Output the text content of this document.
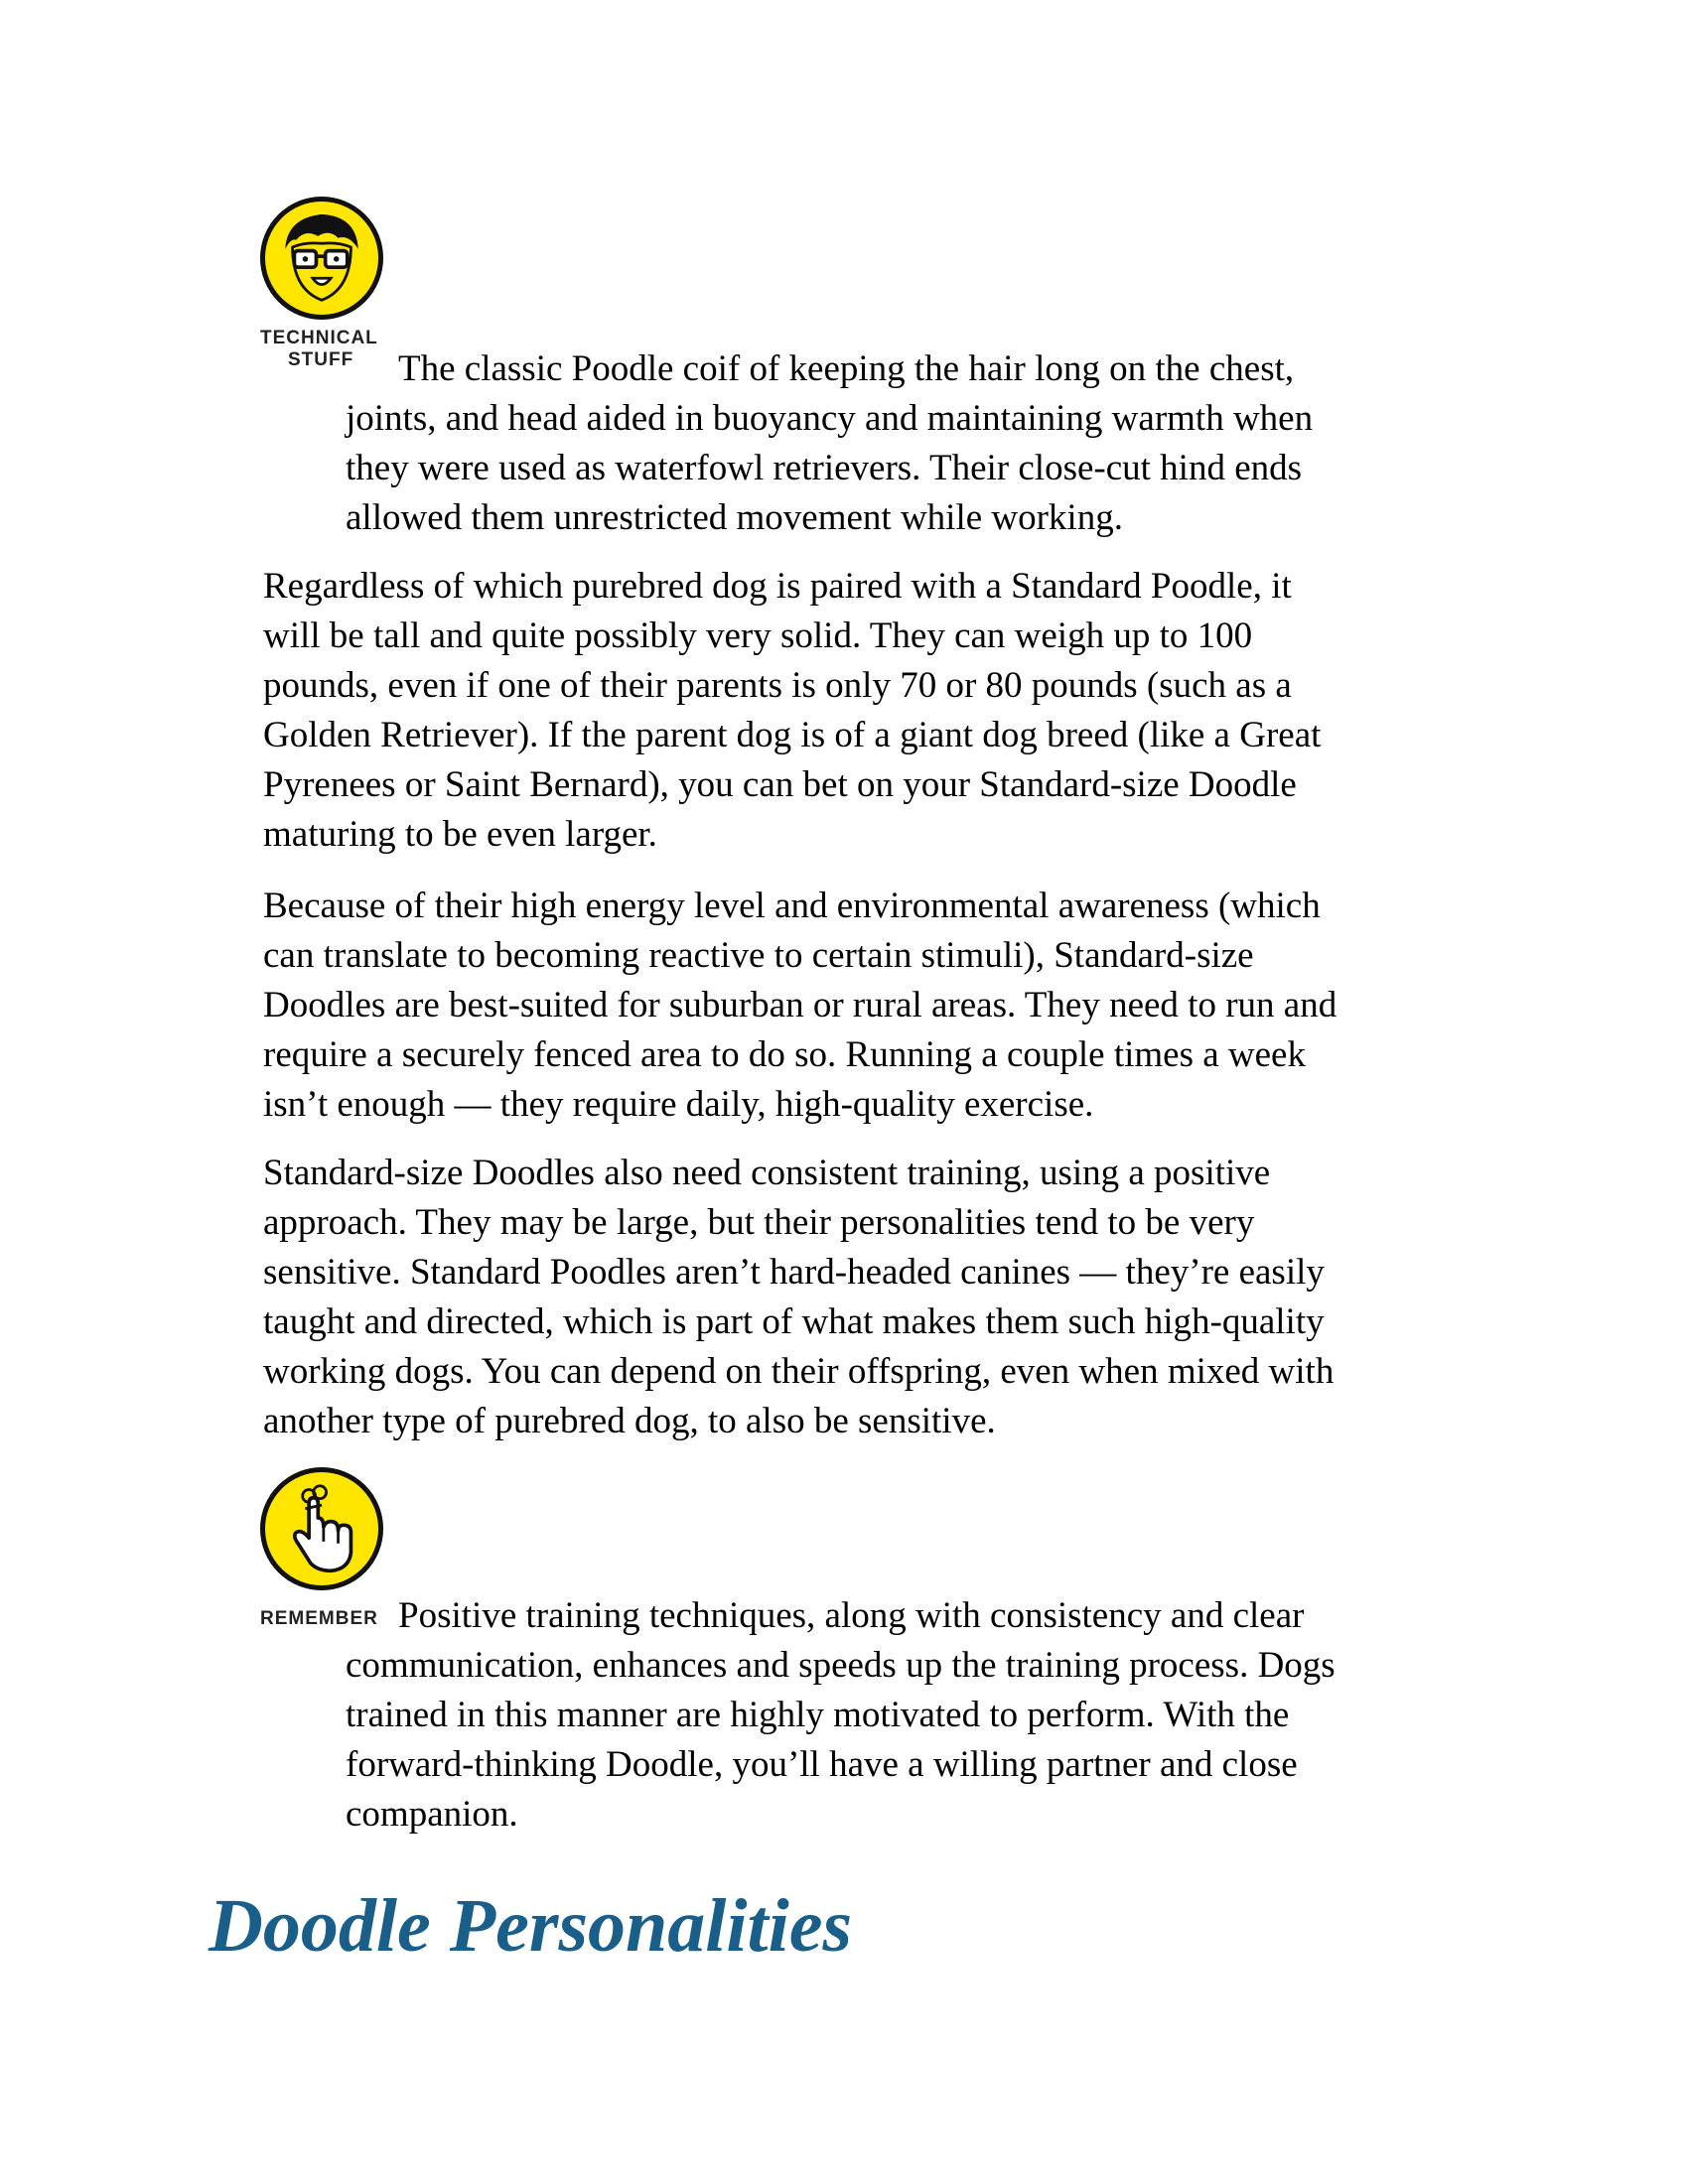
TECHNICAL
STUFF	The classic Poodle coif of keeping the hair long on the chest,
joints, and head aided in buoyancy and maintaining warmth when
they were used as waterfowl retrievers. Their close-cut hind ends
allowed them unrestricted movement while working.
Regardless of which purebred dog is paired with a Standard Poodle, it
will be tall and quite possibly very solid. They can weigh up to 100
pounds, even if one of their parents is only 70 or 80 pounds (such as a
Golden Retriever). If the parent dog is of a giant dog breed (like a Great
Pyrenees or Saint Bernard), you can bet on your Standard-size Doodle
maturing to be even larger.
Because of their high energy level and environmental awareness (which
can translate to becoming reactive to certain stimuli), Standard-size
Doodles are best-suited for suburban or rural areas. They need to run and
require a securely fenced area to do so. Running a couple times a week
isn’t enough — they require daily, high-quality exercise.
Standard-size Doodles also need consistent training, using a positive
approach. They may be large, but their personalities tend to be very
sensitive. Standard Poodles aren’t hard-headed canines — they’re easily
taught and directed, which is part of what makes them such high-quality
working dogs. You can depend on their offspring, even when mixed with
another type of purebred dog, to also be sensitive.
REMEMBER Positive training techniques, along with consistency and clear
communication, enhances and speeds up the training process. Dogs
trained in this manner are highly motivated to perform. With the
forward-thinking Doodle, you’ll have a willing partner and close
companion.
Doodle Personalities
